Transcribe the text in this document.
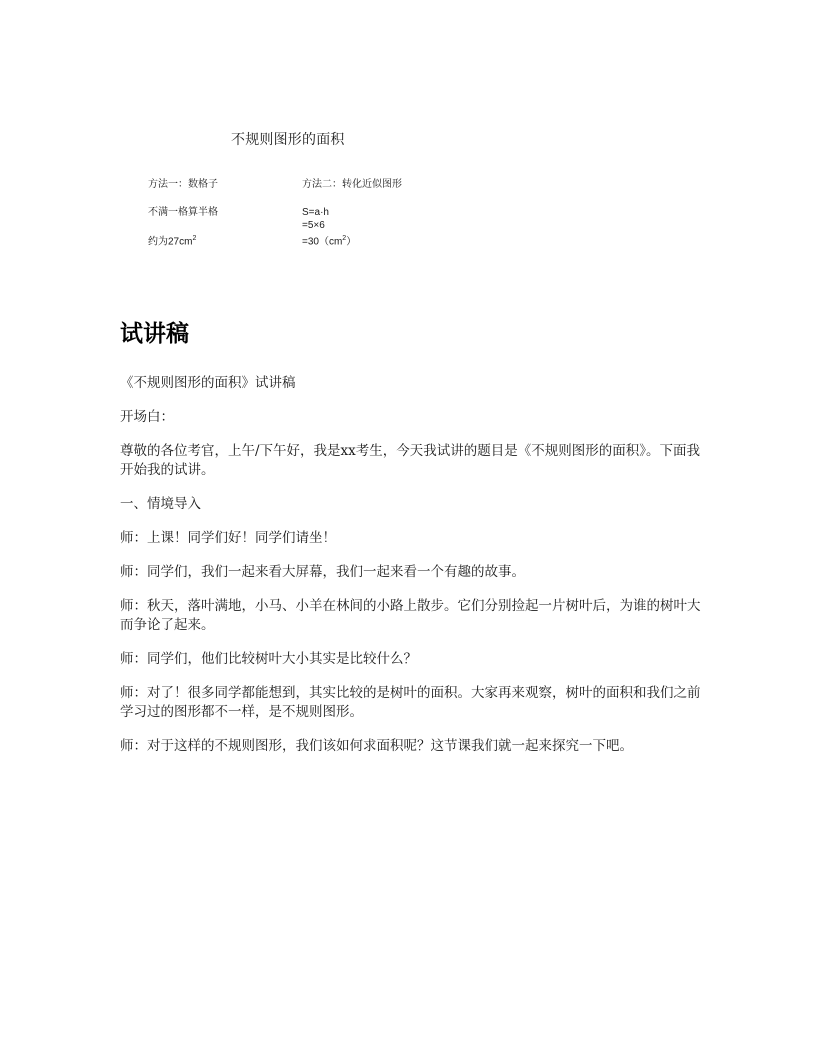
不规则图形的面积
方法一：数格子
不满一格算半格
约为$27cm^2$
方法二：转化近似图形
S=a·h
=5×6
$=30(cm^2)$
试讲稿

《不规则图形的面积》试讲稿

开场白：

尊敬的各位考官，上午/下午好，我是xx考生，今天我试讲的题目是《不规则图形的面积》。下面我开始我的试讲。

一、情境导入

师：上课！同学们好！同学们请坐！

师：同学们，我们一起来看大屏幕，我们一起来看一个有趣的故事。

师：秋天，落叶满地，小马、小羊在林间的小路上散步。它们分别捡起一片树叶后，为谁的树叶大而争论了起来。

师：同学们，他们比较树叶大小其实是比较什么？

师：对了！很多同学都能想到，其实比较的是树叶的面积。大家再来观察，树叶的面积和我们之前学习过的图形都不一样，是不规则图形。

师：对于这样的不规则图形，我们该如何求面积呢？这节课我们就一起来探究一下吧。
